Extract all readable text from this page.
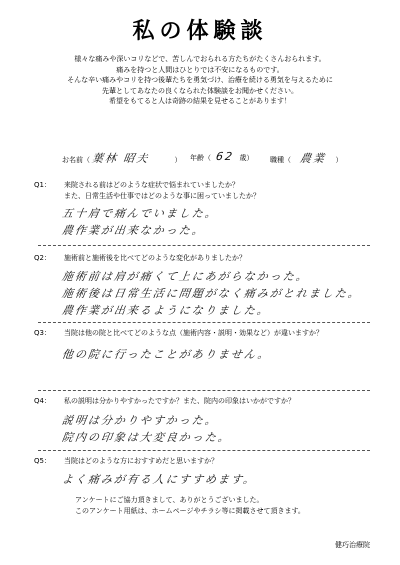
私の体験談
様々な痛みや深いコリなどで、苦しんでおられる方たちがたくさんおられます。
痛みを持つと人間はひとりでは不安になるものです。
そんな辛い痛みやコリを持つ後輩たちを勇気づけ、治療を続ける勇気を与えるために
先輩としてあなたの良くなられた体験談をお聞かせください。
希望をもてると人は奇跡の結果を見せることがあります！
お名前（ 葉林 昭夫	） 年齢（ 62 歳） 職種（ 農業 ）
Q1： 来院される前はどのような症状で悩まれていましたか？
また、日常生活や仕事ではどのような事に困っていましたか？
五十肩で痛んでいました。
農作業が出来なかった。
Q2： 施術前と施術後を比べてどのような変化がありましたか？
施術前は肩が痛くて上にあがらなかった。
施術後は日常生活に問題がなく痛みがとれました。
農作業が出来るようになりました。
Q3： 当院は他の院と比べてどのような点（施術内容・説明・効果など）が違いますか？
他の院に行ったことがありません。
Q4： 私の説明は分かりやすかったですか？また、院内の印象はいかがですか？
説明は分かりやすかった。
院内の印象は大変良かった。
Q5： 当院はどのような方におすすめだと思いますか？
よく痛みが有る人にすすめます。
アンケートにご協力頂きまして、ありがとうございました。
このアンケート用紙は、ホームページやチラシ等に掲載させて頂きます。
健巧治療院
